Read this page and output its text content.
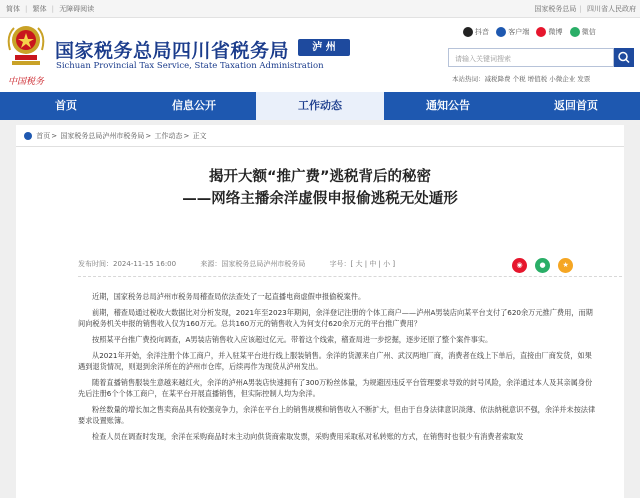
简体 | 繁体 | 无障碍阅读	国家税务总局 | 四川省人民政府
中国税务
国家税务总局四川省税务局	泸 州
Sichuan Provincial Tax Service, State Taxation Administration
抖音	客户端	微博	微信
请输入关键词搜索
本站热词：减税降费 个税 增值税 小微企业 发票
首页	信息公开	工作动态	通知公告	返回首页
首页> 国家税务总局泸州市税务局> 工作动态> 正文
揭开大额“推广费”逃税背后的秘密
——网络主播余洋虚假申报偷逃税无处遁形
发布时间：2024-11-15 16:00	来源：国家税务总局泸州市税务局	字号：[ 大 | 中 | 小 ]	◉ ● ★

近期，国家税务总局泸州市税务局稽查局依法查处了一起直播电商虚假申报偷税案件。

前期，稽查局通过税收大数据比对分析发现，2021年至2023年期间，余洋登记注册的个体工商户——泸州A男装店向某平台支付了620余万元推广费用，而期间向税务机关申报的销售收入仅为160万元。总共160万元的销售收入为何支付620余万元的平台推广费用？

按照某平台推广费投向调查，A男装店销售收入应该超过亿元。带着这个线索，稽查局进一步挖掘，逐步还原了整个案件事实。

从2021年开始，余洋注册个体工商户，并入驻某平台进行线上服装销售。余洋的货源来自广州、武汉两地厂商，消费者在线上下单后，直接由厂商发货，如果遇到退货情况，则退到余洋所在的泸州市仓库，后续再作为现货从泸州发出。

随着直播销售服装生意越来越红火，余洋的泸州A男装店快速拥有了300万粉丝体量，为规避因违反平台管理要求导致的封号风险，余洋通过本人及其亲属身份先后注册6个个体工商户，在某平台开展直播销售，但实际控制人均为余洋。

粉丝数量的增长加之售卖商品具有较强竞争力，余洋在平台上的销售规模和销售收入不断扩大，但由于自身法律意识淡薄、依法纳税意识不强，余洋并未按法律要求设置账簿。

检查人员在调查时发现，余洋在采购商品时未主动向供货商索取发票，采购费用采取私对私转账的方式，在销售时也很少有消费者索取发
